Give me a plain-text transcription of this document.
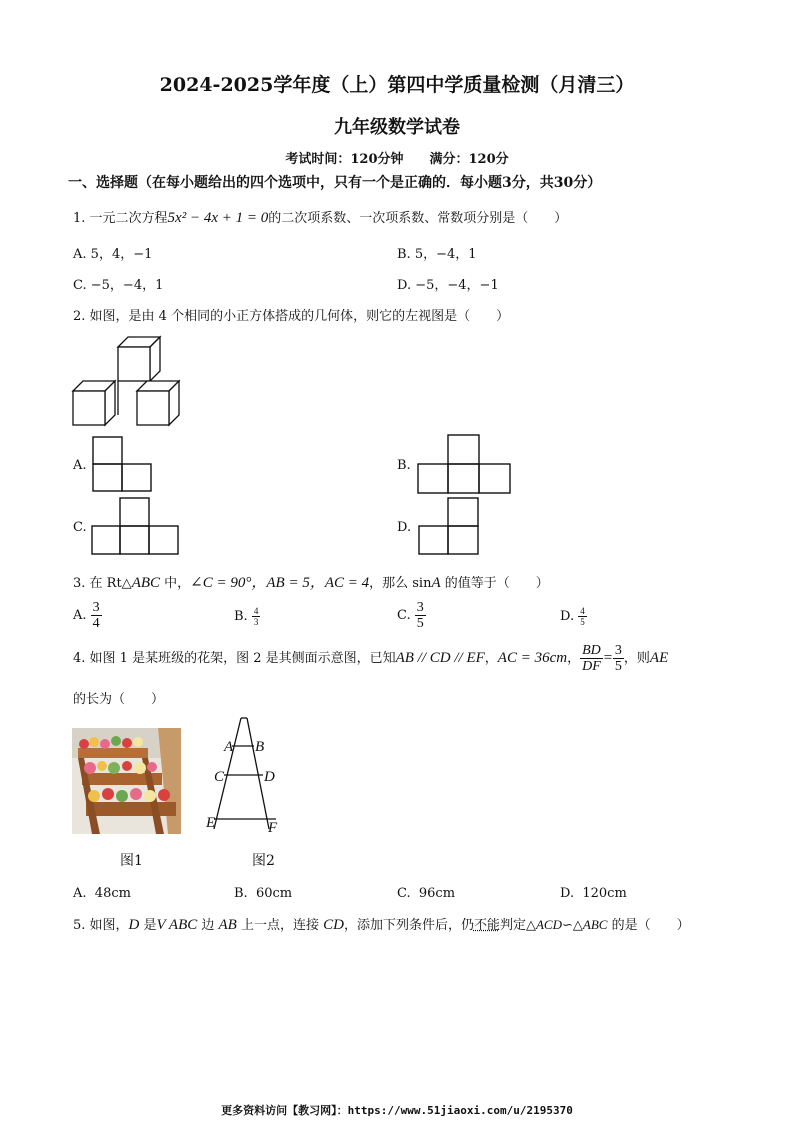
2024-2025学年度（上）第四中学质量检测（月清三）
九年级数学试卷
考试时间：120分钟　　满分：120分
一、选择题（在每小题给出的四个选项中，只有一个是正确的．每小题3分，共30分）
1. 一元二次方程5x² − 4x + 1 = 0的二次项系数、一次项系数、常数项分别是（　　）
A. 5，4，−1	B. 5，−4，1
C. −5，−4，1	D. −5，−4，−1
2. 如图，是由 4 个相同的小正方体搭成的几何体，则它的左视图是（　　）
A.	B.
C.	D.
3. 在 Rt△ABC 中，∠C = 90°，AB = 5，AC = 4，那么 sinA 的值等于（　　）
A. $\frac{3}{4}$	B. $\frac{4}{3}$	C. $\frac{3}{5}$	D. $\frac{4}{5}$
4. 如图 1 是某班级的花架，图 2 是其侧面示意图，已知AB // CD // EF，AC = 36cm， $\frac{BD}{DF} = \frac{3}{5}$ ，则AE
的长为（　　）
图1
A B
C	D
E	F
图2
A. 48cm	B. 60cm	C. 96cm	D. 120cm
5. 如图，D 是V ABC 边 AB 上一点，连接 CD，添加下列条件后，仍不能判定△ACD∽△ABC 的是（　　）
更多资料访问【教习网】：https://www.51jiaoxi.com/u/2195370
